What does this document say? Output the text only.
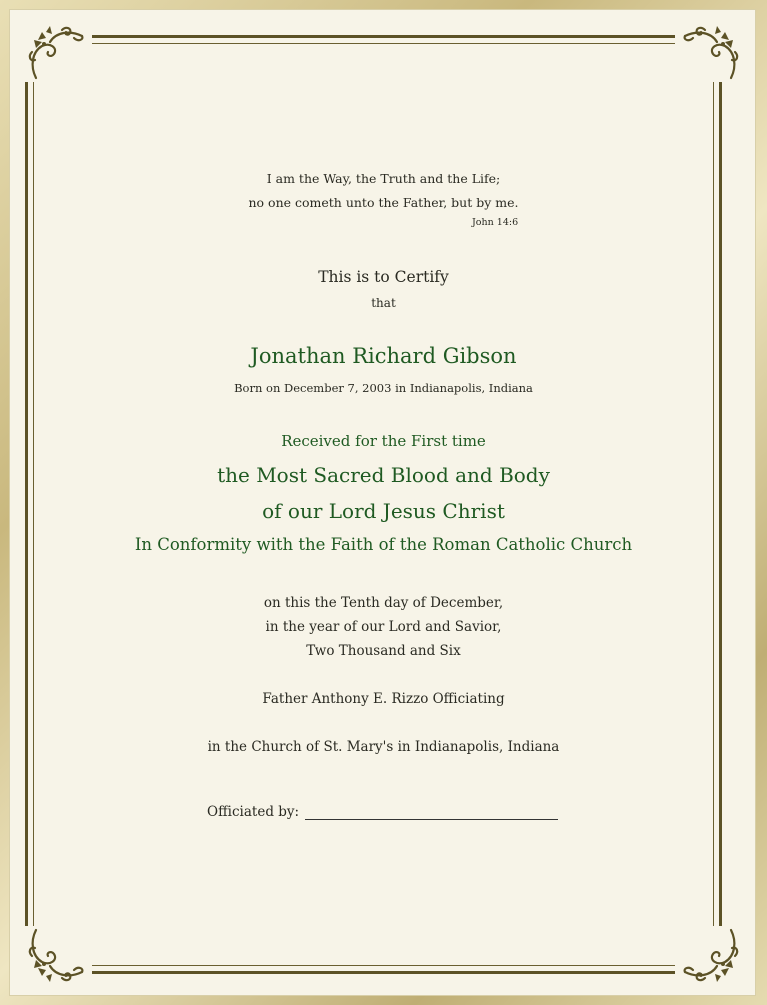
I am the Way, the Truth and the Life;
no one cometh unto the Father, but by me.
John 14:6
This is to Certify
that
Jonathan Richard Gibson
Born on December 7, 2003 in Indianapolis, Indiana
Received for the First time
the Most Sacred Blood and Body
of our Lord Jesus Christ
In Conformity with the Faith of the Roman Catholic Church
on this the Tenth day of December,
in the year of our Lord and Savior,
Two Thousand and Six
Father Anthony E. Rizzo Officiating
in the Church of St. Mary's in Indianapolis, Indiana
Officiated by:
